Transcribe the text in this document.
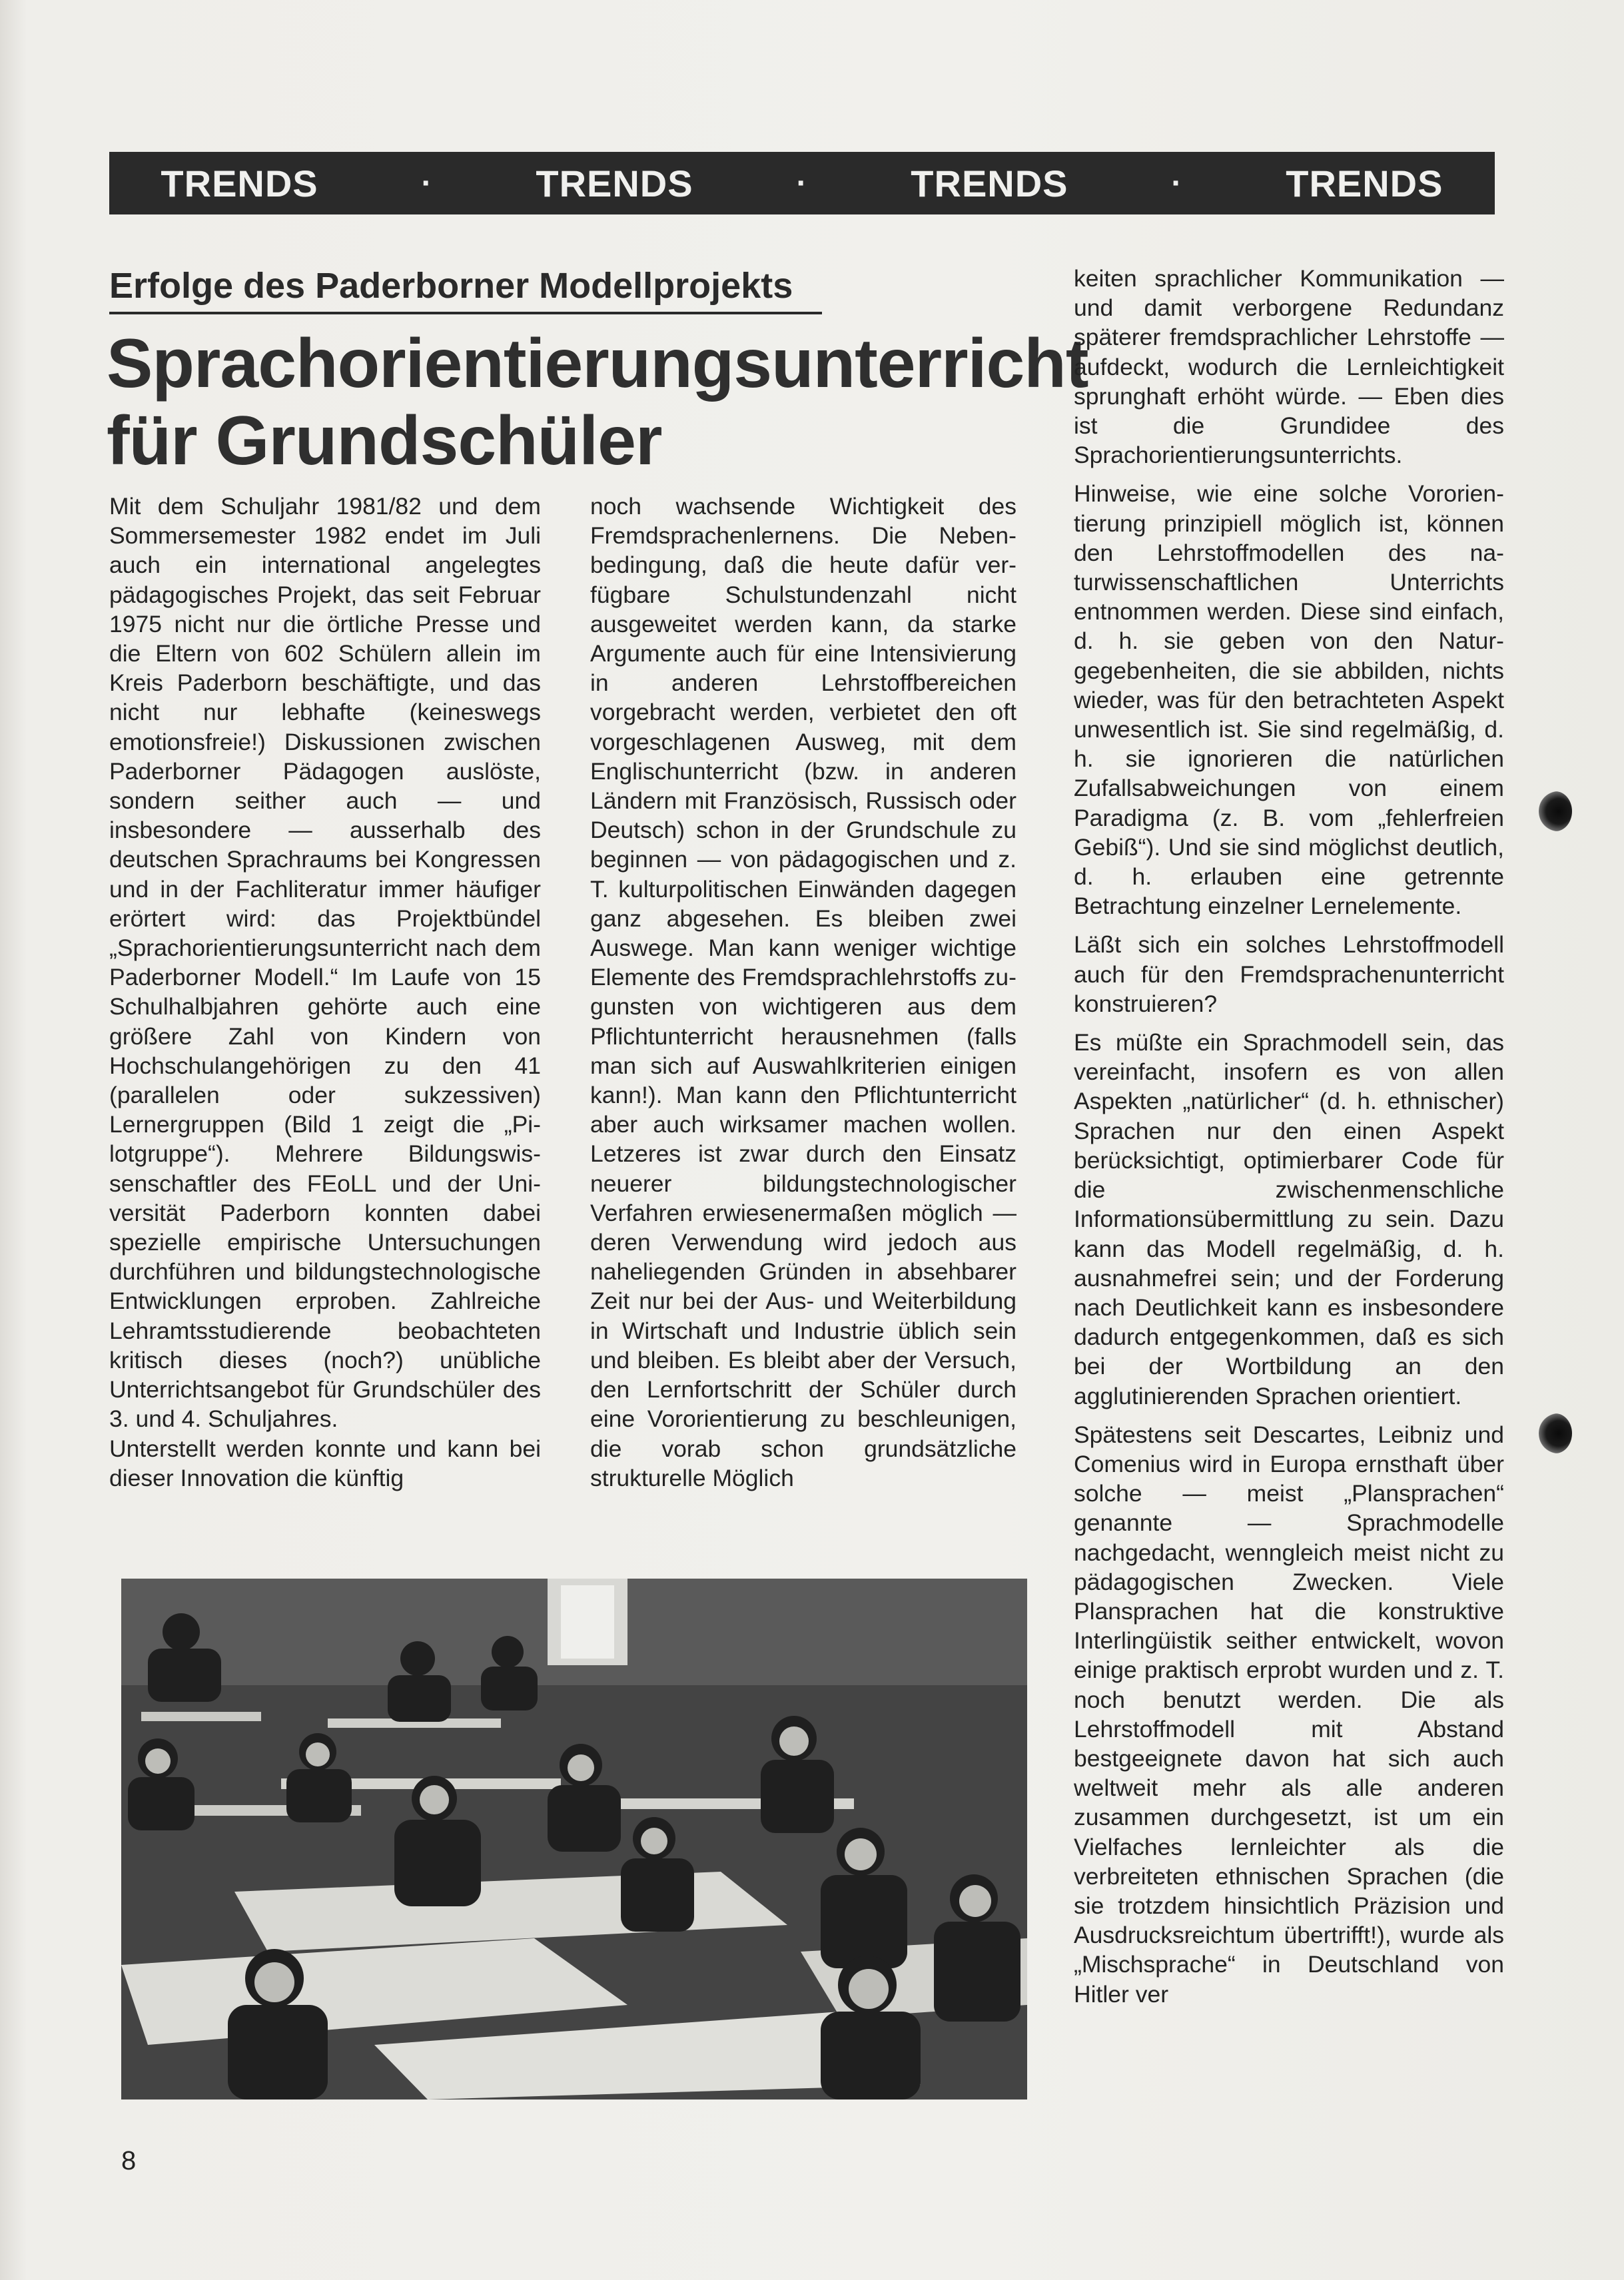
TRENDS	·	TRENDS	·	TRENDS	·	TRENDS
Erfolge des Paderborner Modellprojekts
Sprachorientierungsunterricht
für Grundschüler

Mit dem Schuljahr 1981/82 und dem Sommersemester 1982 endet im Juli auch ein international angelegtes pädagogisches Projekt, das seit Februar 1975 nicht nur die örtliche Presse und die Eltern von 602 Schülern allein im Kreis Paderborn beschäftigte, und das nicht nur lebhafte (keineswegs emotionsfreie!) Diskussionen zwischen Paderborner Pädagogen auslöste, sondern seither auch — und insbesondere — ausserhalb des deutschen Sprachraums bei Kongressen und in der Fachliteratur immer häufiger erörtert wird: das Projektbündel „Sprachorientierungsunterricht nach dem Paderborner Modell.“ Im Laufe von 15 Schulhalbjahren gehörte auch eine größere Zahl von Kindern von Hochschulangehörigen zu den 41 (parallelen oder sukzessiven) Lernergruppen (Bild 1 zeigt die „Pilotgruppe“). Mehrere Bildungswissenschaftler des FEoLL und der Universität Paderborn konnten dabei spezielle empirische Untersuchungen durchführen und bildungstechnologische Entwicklungen erproben. Zahlreiche Lehramtsstudierende beobachteten kritisch dieses (noch?) unübliche Unterrichtsangebot für Grundschüler des 3. und 4. Schuljahres.

Unterstellt werden konnte und kann bei dieser Innovation die künftig

noch wachsende Wichtigkeit des Fremdsprachenlernens. Die Nebenbedingung, daß die heute dafür verfügbare Schulstundenzahl nicht ausgeweitet werden kann, da starke Argumente auch für eine Intensivierung in anderen Lehrstoffbereichen vorgebracht werden, verbietet den oft vorgeschlagenen Ausweg, mit dem Englischunterricht (bzw. in anderen Ländern mit Französisch, Russisch oder Deutsch) schon in der Grundschule zu beginnen — von pädagogischen und z. T. kulturpolitischen Einwänden dagegen ganz abgesehen. Es bleiben zwei Auswege. Man kann weniger wichtige Elemente des Fremdsprachlehrstoffs zugunsten von wichtigeren aus dem Pflichtunterricht herausnehmen (falls man sich auf Auswahlkriterien einigen kann!). Man kann den Pflichtunterricht aber auch wirksamer machen wollen. Letzeres ist zwar durch den Einsatz neuerer bildungstechnologischer Verfahren erwiesenermaßen möglich — deren Verwendung wird jedoch aus naheliegenden Gründen in absehbarer Zeit nur bei der Aus- und Weiterbildung in Wirtschaft und Industrie üblich sein und bleiben. Es bleibt aber der Versuch, den Lernfortschritt der Schüler durch eine Vororientierung zu beschleunigen, die vorab schon grundsätzliche strukturelle Möglich

keiten sprachlicher Kommunikation — und damit verborgene Redundanz späterer fremdsprachlicher Lehrstoffe — aufdeckt, wodurch die Lernleichtigkeit sprunghaft erhöht würde. — Eben dies ist die Grundidee des Sprachorientierungsunterrichts.

Hinweise, wie eine solche Vororientierung prinzipiell möglich ist, können den Lehrstoffmodellen des naturwissenschaftlichen Unterrichts entnommen werden. Diese sind einfach, d. h. sie geben von den Naturgegebenheiten, die sie abbilden, nichts wieder, was für den betrachteten Aspekt unwesentlich ist. Sie sind regelmäßig, d. h. sie ignorieren die natürlichen Zufallsabweichungen von einem Paradigma (z. B. vom „fehlerfreien Gebiß“). Und sie sind möglichst deutlich, d. h. erlauben eine getrennte Betrachtung einzelner Lernelemente.

Läßt sich ein solches Lehrstoffmodell auch für den Fremdsprachenunterricht konstruieren?

Es müßte ein Sprachmodell sein, das vereinfacht, insofern es von allen Aspekten „natürlicher“ (d. h. ethnischer) Sprachen nur den einen Aspekt berücksichtigt, optimierbarer Code für die zwischenmenschliche Informationsübermittlung zu sein. Dazu kann das Modell regelmäßig, d. h. ausnahmefrei sein; und der Forderung nach Deutlichkeit kann es insbesondere dadurch entgegenkommen, daß es sich bei der Wortbildung an den agglutinierenden Sprachen orientiert.

Spätestens seit Descartes, Leibniz und Comenius wird in Europa ernsthaft über solche — meist „Plansprachen“ genannte — Sprachmodelle nachgedacht, wenngleich meist nicht zu pädagogischen Zwecken. Viele Plansprachen hat die konstruktive Interlingüistik seither entwickelt, wovon einige praktisch erprobt wurden und z. T. noch benutzt werden. Die als Lehrstoffmodell mit Abstand bestgeeignete davon hat sich auch weltweit mehr als alle anderen zusammen durchgesetzt, ist um ein Vielfaches lernleichter als die verbreiteten ethnischen Sprachen (die sie trotzdem hinsichtlich Präzision und Ausdrucksreichtum übertrifft!), wurde als „Mischsprache“ in Deutschland von Hitler ver

8
